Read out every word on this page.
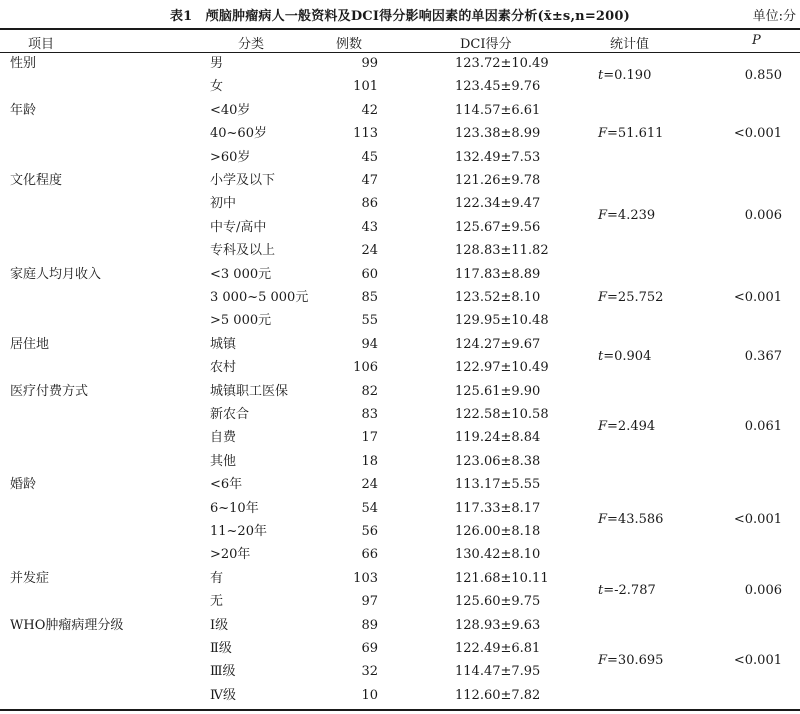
表1　颅脑肿瘤病人一般资料及DCI得分影响因素的单因素分析(x̄±s,n=200)	单位:分
项目	分类	例数	DCI得分	统计值	P
性别	男	99	123.72±10.49
女	101	123.45±9.76
t=0.190	0.850
年龄	<40岁	42	114.57±6.61
40~60岁	113	123.38±8.99
>60岁	45	132.49±7.53
F=51.611	<0.001
文化程度	小学及以下	47	121.26±9.78
初中	86	122.34±9.47
中专/高中	43	125.67±9.56
专科及以上	24	128.83±11.82
F=4.239	0.006
家庭人均月收入	<3 000元	60	117.83±8.89
3 000~5 000元	85	123.52±8.10
>5 000元	55	129.95±10.48
F=25.752	<0.001
居住地	城镇	94	124.27±9.67
农村	106	122.97±10.49
t=0.904	0.367
医疗付费方式	城镇职工医保	82	125.61±9.90
新农合	83	122.58±10.58
自费	17	119.24±8.84
其他	18	123.06±8.38
F=2.494	0.061
婚龄	<6年	24	113.17±5.55
6~10年	54	117.33±8.17
11~20年	56	126.00±8.18
>20年	66	130.42±8.10
F=43.586	<0.001
并发症	有	103	121.68±10.11
无	97	125.60±9.75
t=-2.787	0.006
WHO肿瘤病理分级	Ⅰ级	89	128.93±9.63
Ⅱ级	69	122.49±6.81
Ⅲ级	32	114.47±7.95
Ⅳ级	10	112.60±7.82
F=30.695	<0.001
